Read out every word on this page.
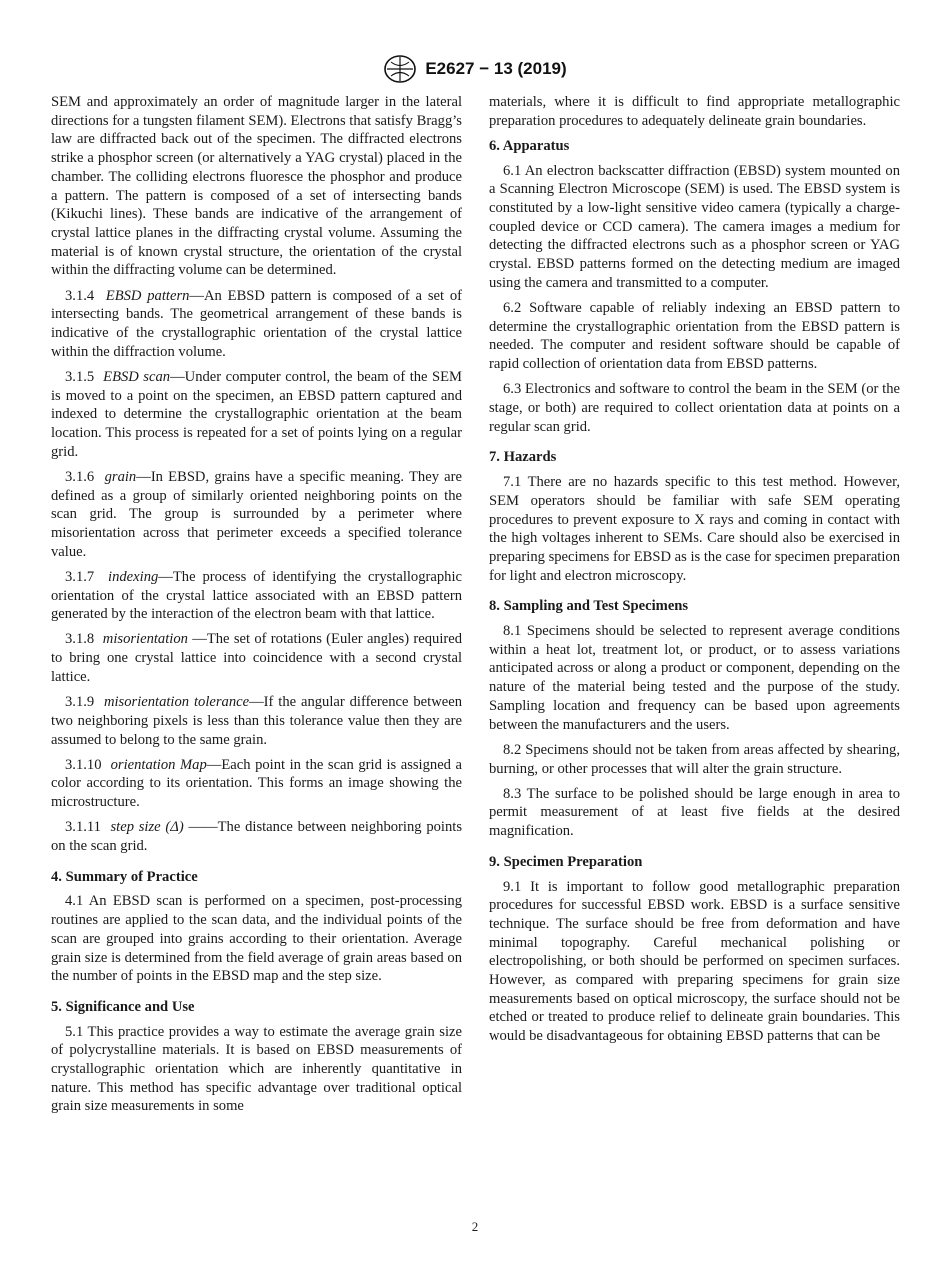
E2627 − 13 (2019)

SEM and approximately an order of magnitude larger in the lateral directions for a tungsten filament SEM). Electrons that satisfy Bragg’s law are diffracted back out of the specimen. The diffracted electrons strike a phosphor screen (or alternatively a YAG crystal) placed in the chamber. The colliding electrons fluoresce the phosphor and produce a pattern. The pattern is composed of a set of intersecting bands (Kikuchi lines). These bands are indicative of the arrangement of crystal lattice planes in the diffracting crystal volume. Assuming the material is of known crystal structure, the orientation of the crystal within the diffracting volume can be determined.

3.1.4 EBSD pattern—An EBSD pattern is composed of a set of intersecting bands. The geometrical arrangement of these bands is indicative of the crystallographic orientation of the crystal lattice within the diffraction volume.

3.1.5 EBSD scan—Under computer control, the beam of the SEM is moved to a point on the specimen, an EBSD pattern captured and indexed to determine the crystallographic orientation at the beam location. This process is repeated for a set of points lying on a regular grid.

3.1.6 grain—In EBSD, grains have a specific meaning. They are defined as a group of similarly oriented neighboring points on the scan grid. The group is surrounded by a perimeter where misorientation across that perimeter exceeds a specified tolerance value.

3.1.7 indexing—The process of identifying the crystallographic orientation of the crystal lattice associated with an EBSD pattern generated by the interaction of the electron beam with that lattice.

3.1.8 misorientation —The set of rotations (Euler angles) required to bring one crystal lattice into coincidence with a second crystal lattice.

3.1.9 misorientation tolerance—If the angular difference between two neighboring pixels is less than this tolerance value then they are assumed to belong to the same grain.

3.1.10 orientation Map—Each point in the scan grid is assigned a color according to its orientation. This forms an image showing the microstructure.

3.1.11 step size (Δ) ——The distance between neighboring points on the scan grid.

4. Summary of Practice

4.1 An EBSD scan is performed on a specimen, post-processing routines are applied to the scan data, and the individual points of the scan are grouped into grains according to their orientation. Average grain size is determined from the field average of grain areas based on the number of points in the EBSD map and the step size.

5. Significance and Use

5.1 This practice provides a way to estimate the average grain size of polycrystalline materials. It is based on EBSD measurements of crystallographic orientation which are inherently quantitative in nature. This method has specific advantage over traditional optical grain size measurements in some

materials, where it is difficult to find appropriate metallographic preparation procedures to adequately delineate grain boundaries.

6. Apparatus

6.1 An electron backscatter diffraction (EBSD) system mounted on a Scanning Electron Microscope (SEM) is used. The EBSD system is constituted by a low-light sensitive video camera (typically a charge-coupled device or CCD camera). The camera images a medium for detecting the diffracted electrons such as a phosphor screen or YAG crystal. EBSD patterns formed on the detecting medium are imaged using the camera and transmitted to a computer.

6.2 Software capable of reliably indexing an EBSD pattern to determine the crystallographic orientation from the EBSD pattern is needed. The computer and resident software should be capable of rapid collection of orientation data from EBSD patterns.

6.3 Electronics and software to control the beam in the SEM (or the stage, or both) are required to collect orientation data at points on a regular scan grid.

7. Hazards

7.1 There are no hazards specific to this test method. However, SEM operators should be familiar with safe SEM operating procedures to prevent exposure to X rays and coming in contact with the high voltages inherent to SEMs. Care should also be exercised in preparing specimens for EBSD as is the case for specimen preparation for light and electron microscopy.

8. Sampling and Test Specimens

8.1 Specimens should be selected to represent average conditions within a heat lot, treatment lot, or product, or to assess variations anticipated across or along a product or component, depending on the nature of the material being tested and the purpose of the study. Sampling location and frequency can be based upon agreements between the manufacturers and the users.

8.2 Specimens should not be taken from areas affected by shearing, burning, or other processes that will alter the grain structure.

8.3 The surface to be polished should be large enough in area to permit measurement of at least five fields at the desired magnification.

9. Specimen Preparation

9.1 It is important to follow good metallographic preparation procedures for successful EBSD work. EBSD is a surface sensitive technique. The surface should be free from deformation and have minimal topography. Careful mechanical polishing or electropolishing, or both should be performed on specimen surfaces. However, as compared with preparing specimens for grain size measurements based on optical microscopy, the surface should not be etched or treated to produce relief to delineate grain boundaries. This would be disadvantageous for obtaining EBSD patterns that can be

2
